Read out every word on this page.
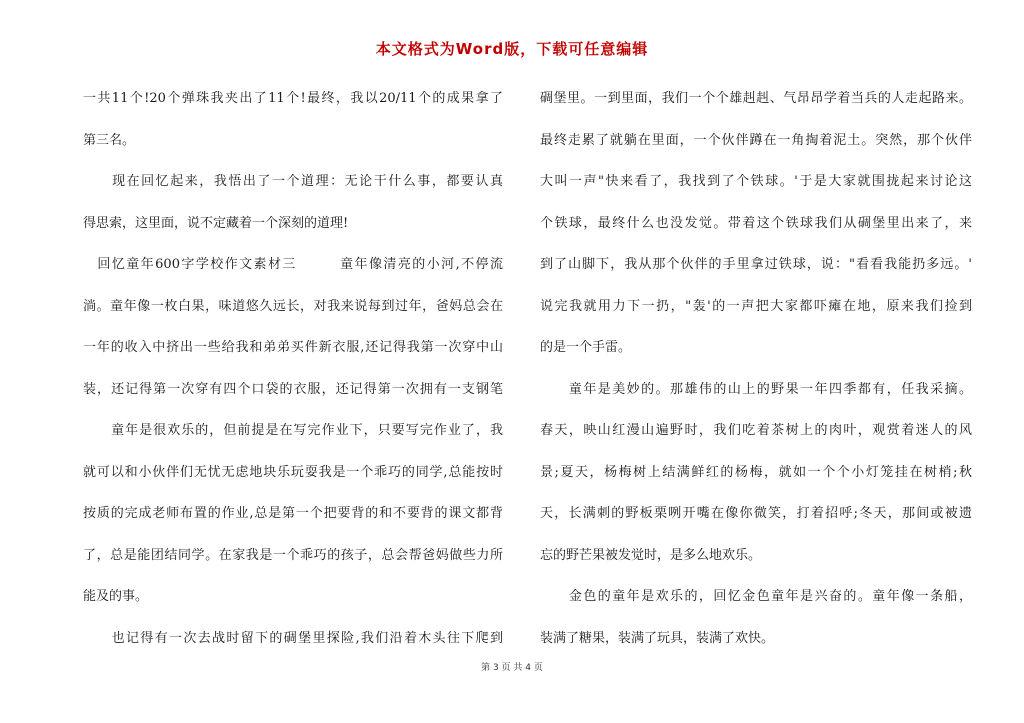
本文格式为Word版，下载可任意编辑
一共11个!20个弹珠我夹出了11个!最终，我以20/11个的成果拿了
第三名。
　　现在回忆起来，我悟出了一个道理：无论干什么事，都要认真
得思索，这里面，说不定藏着一个深刻的道理!
　回忆童年600字学校作文素材三　　　童年像清亮的小河,不停流
淌。童年像一枚白果，味道悠久远长，对我来说每到过年，爸妈总会在
一年的收入中挤出一些给我和弟弟买件新衣服,还记得我第一次穿中山
装，还记得第一次穿有四个口袋的衣服，还记得第一次拥有一支钢笔
　　童年是很欢乐的，但前提是在写完作业下，只要写完作业了，我
就可以和小伙伴们无忧无虑地块乐玩耍我是一个乖巧的同学,总能按时
按质的完成老师布置的作业,总是第一个把要背的和不要背的课文都背
了，总是能团结同学。在家我是一个乖巧的孩子，总会帮爸妈做些力所
能及的事。
　　也记得有一次去战时留下的碉堡里探险,我们沿着木头往下爬到
碉堡里。一到里面，我们一个个雄赳赳、气昂昂学着当兵的人走起路来。
最终走累了就躺在里面，一个伙伴蹲在一角掏着泥土。突然，那个伙伴
大叫一声"快来看了，我找到了个铁球。'于是大家就围拢起来讨论这
个铁球，最终什么也没发觉。带着这个铁球我们从碉堡里出来了，来
到了山脚下，我从那个伙伴的手里拿过铁球，说："看看我能扔多远。'
说完我就用力下一扔，"轰'的一声把大家都吓瘫在地，原来我们捡到
的是一个手雷。
　　童年是美妙的。那雄伟的山上的野果一年四季都有，任我采摘。
春天，映山红漫山遍野时，我们吃着茶树上的肉叶，观赏着迷人的风
景;夏天，杨梅树上结满鲜红的杨梅，就如一个个小灯笼挂在树梢;秋
天，长满刺的野板栗咧开嘴在像你微笑，打着招呼;冬天，那间或被遗
忘的野芒果被发觉时，是多么地欢乐。
　　金色的童年是欢乐的，回忆金色童年是兴奋的。童年像一条船，
装满了糖果，装满了玩具，装满了欢快。
第 3 页 共 4 页
